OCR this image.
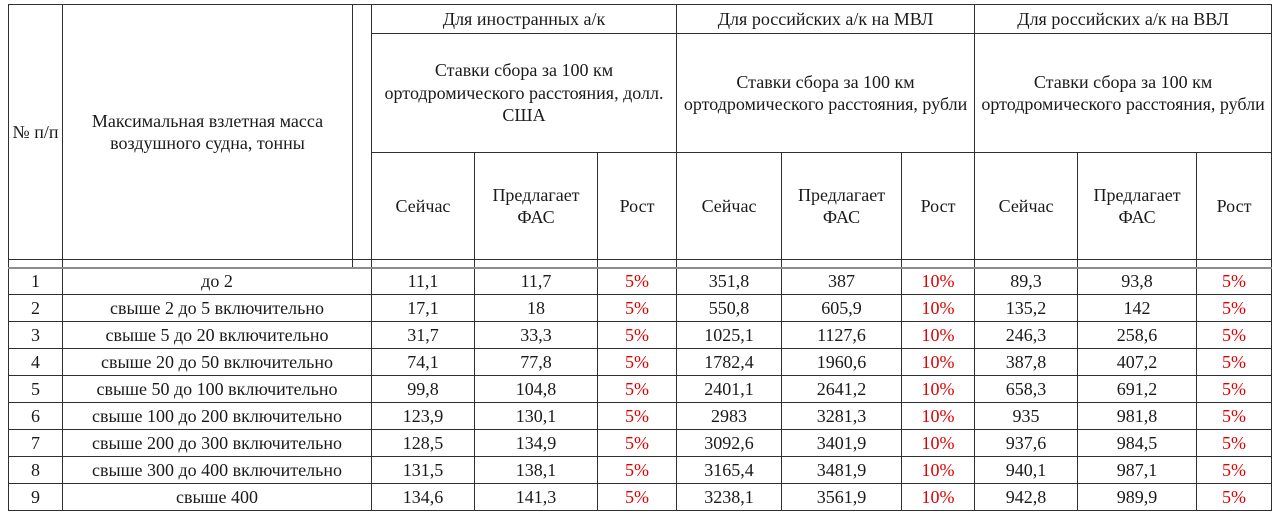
№ п/п	Максимальная взлетная масса воздушного судна, тонны		Для иностранных а/к			Для российских а/к на МВЛ			Для российских а/к на ВВЛ		
			Ставки сбора за 100 км ортодромического расстояния, долл. США			Ставки сбора за 100 км ортодромического расстояния, рубли			Ставки сбора за 100 км ортодромического расстояния, рубли		
			Сейчас	Предлагает ФАС	Рост	Сейчас	Предлагает ФАС	Рост	Сейчас	Предлагает ФАС	Рост

1	до 2		11,1	11,7	5%	351,8	387	10%	89,3	93,8	5%
2	свыше 2 до 5 включительно		17,1	18	5%	550,8	605,9	10%	135,2	142	5%
3	свыше 5 до 20 включительно		31,7	33,3	5%	1025,1	1127,6	10%	246,3	258,6	5%
4	свыше 20 до 50 включительно		74,1	77,8	5%	1782,4	1960,6	10%	387,8	407,2	5%
5	свыше 50 до 100 включительно		99,8	104,8	5%	2401,1	2641,2	10%	658,3	691,2	5%
6	свыше 100 до 200 включительно		123,9	130,1	5%	2983	3281,3	10%	935	981,8	5%
7	свыше 200 до 300 включительно		128,5	134,9	5%	3092,6	3401,9	10%	937,6	984,5	5%
8	свыше 300 до 400 включительно		131,5	138,1	5%	3165,4	3481,9	10%	940,1	987,1	5%
9	свыше 400		134,6	141,3	5%	3238,1	3561,9	10%	942,8	989,9	5%
